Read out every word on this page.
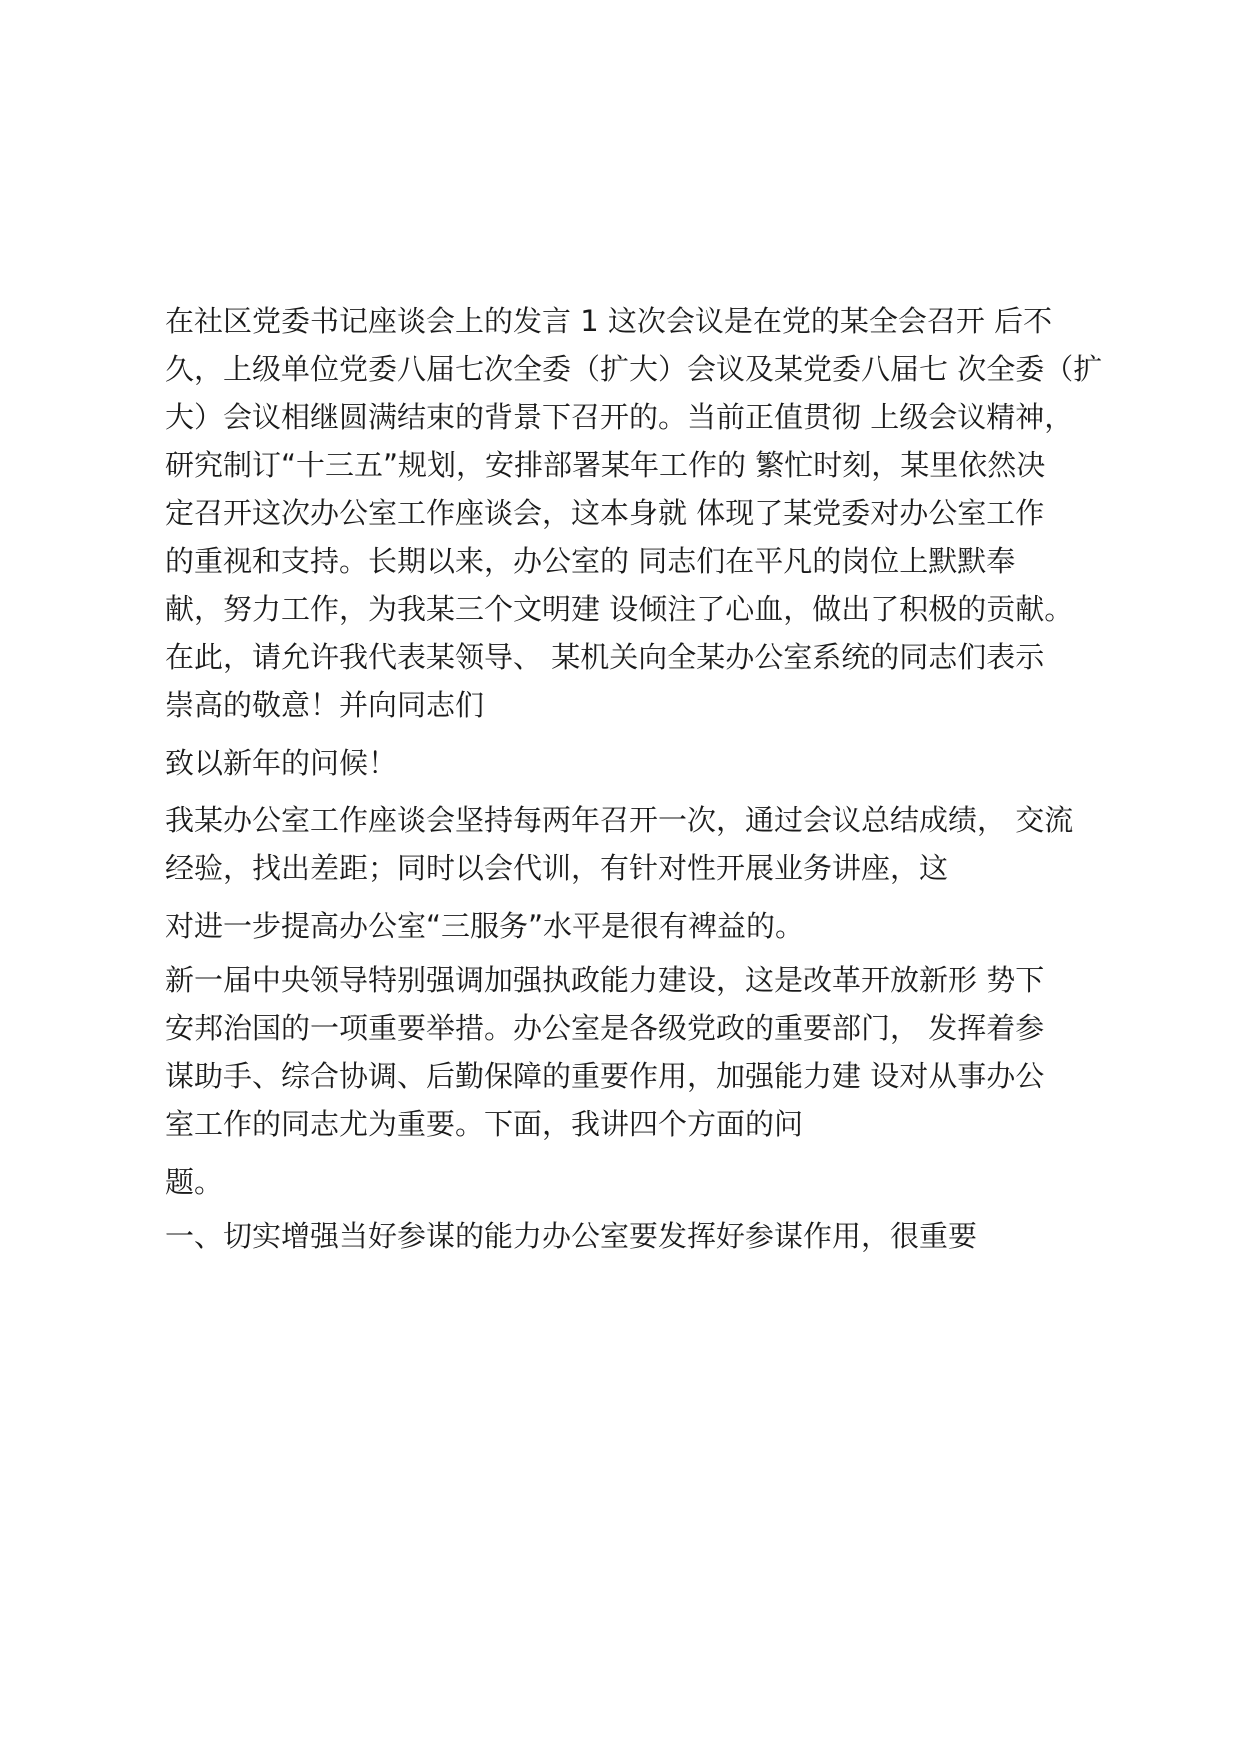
在社区党委书记座谈会上的发言 1 这次会议是在党的某全会召开 后不
久，上级单位党委八届七次全委（扩大）会议及某党委八届七 次全委（扩
大）会议相继圆满结束的背景下召开的。当前正值贯彻 上级会议精神，
研究制订“十三五”规划，安排部署某年工作的 繁忙时刻，某里依然决
定召开这次办公室工作座谈会，这本身就 体现了某党委对办公室工作
的重视和支持。长期以来，办公室的 同志们在平凡的岗位上默默奉
献，努力工作，为我某三个文明建 设倾注了心血，做出了积极的贡献。
在此，请允许我代表某领导、 某机关向全某办公室系统的同志们表示
崇高的敬意！并向同志们
致以新年的问候！
我某办公室工作座谈会坚持每两年召开一次，通过会议总结成绩， 交流
经验，找出差距；同时以会代训，有针对性开展业务讲座，这
对进一步提高办公室“三服务”水平是很有裨益的。
新一届中央领导特别强调加强执政能力建设，这是改革开放新形 势下
安邦治国的一项重要举措。办公室是各级党政的重要部门， 发挥着参
谋助手、综合协调、后勤保障的重要作用，加强能力建 设对从事办公
室工作的同志尤为重要。下面，我讲四个方面的问
题。
一、切实增强当好参谋的能力办公室要发挥好参谋作用，很重要
